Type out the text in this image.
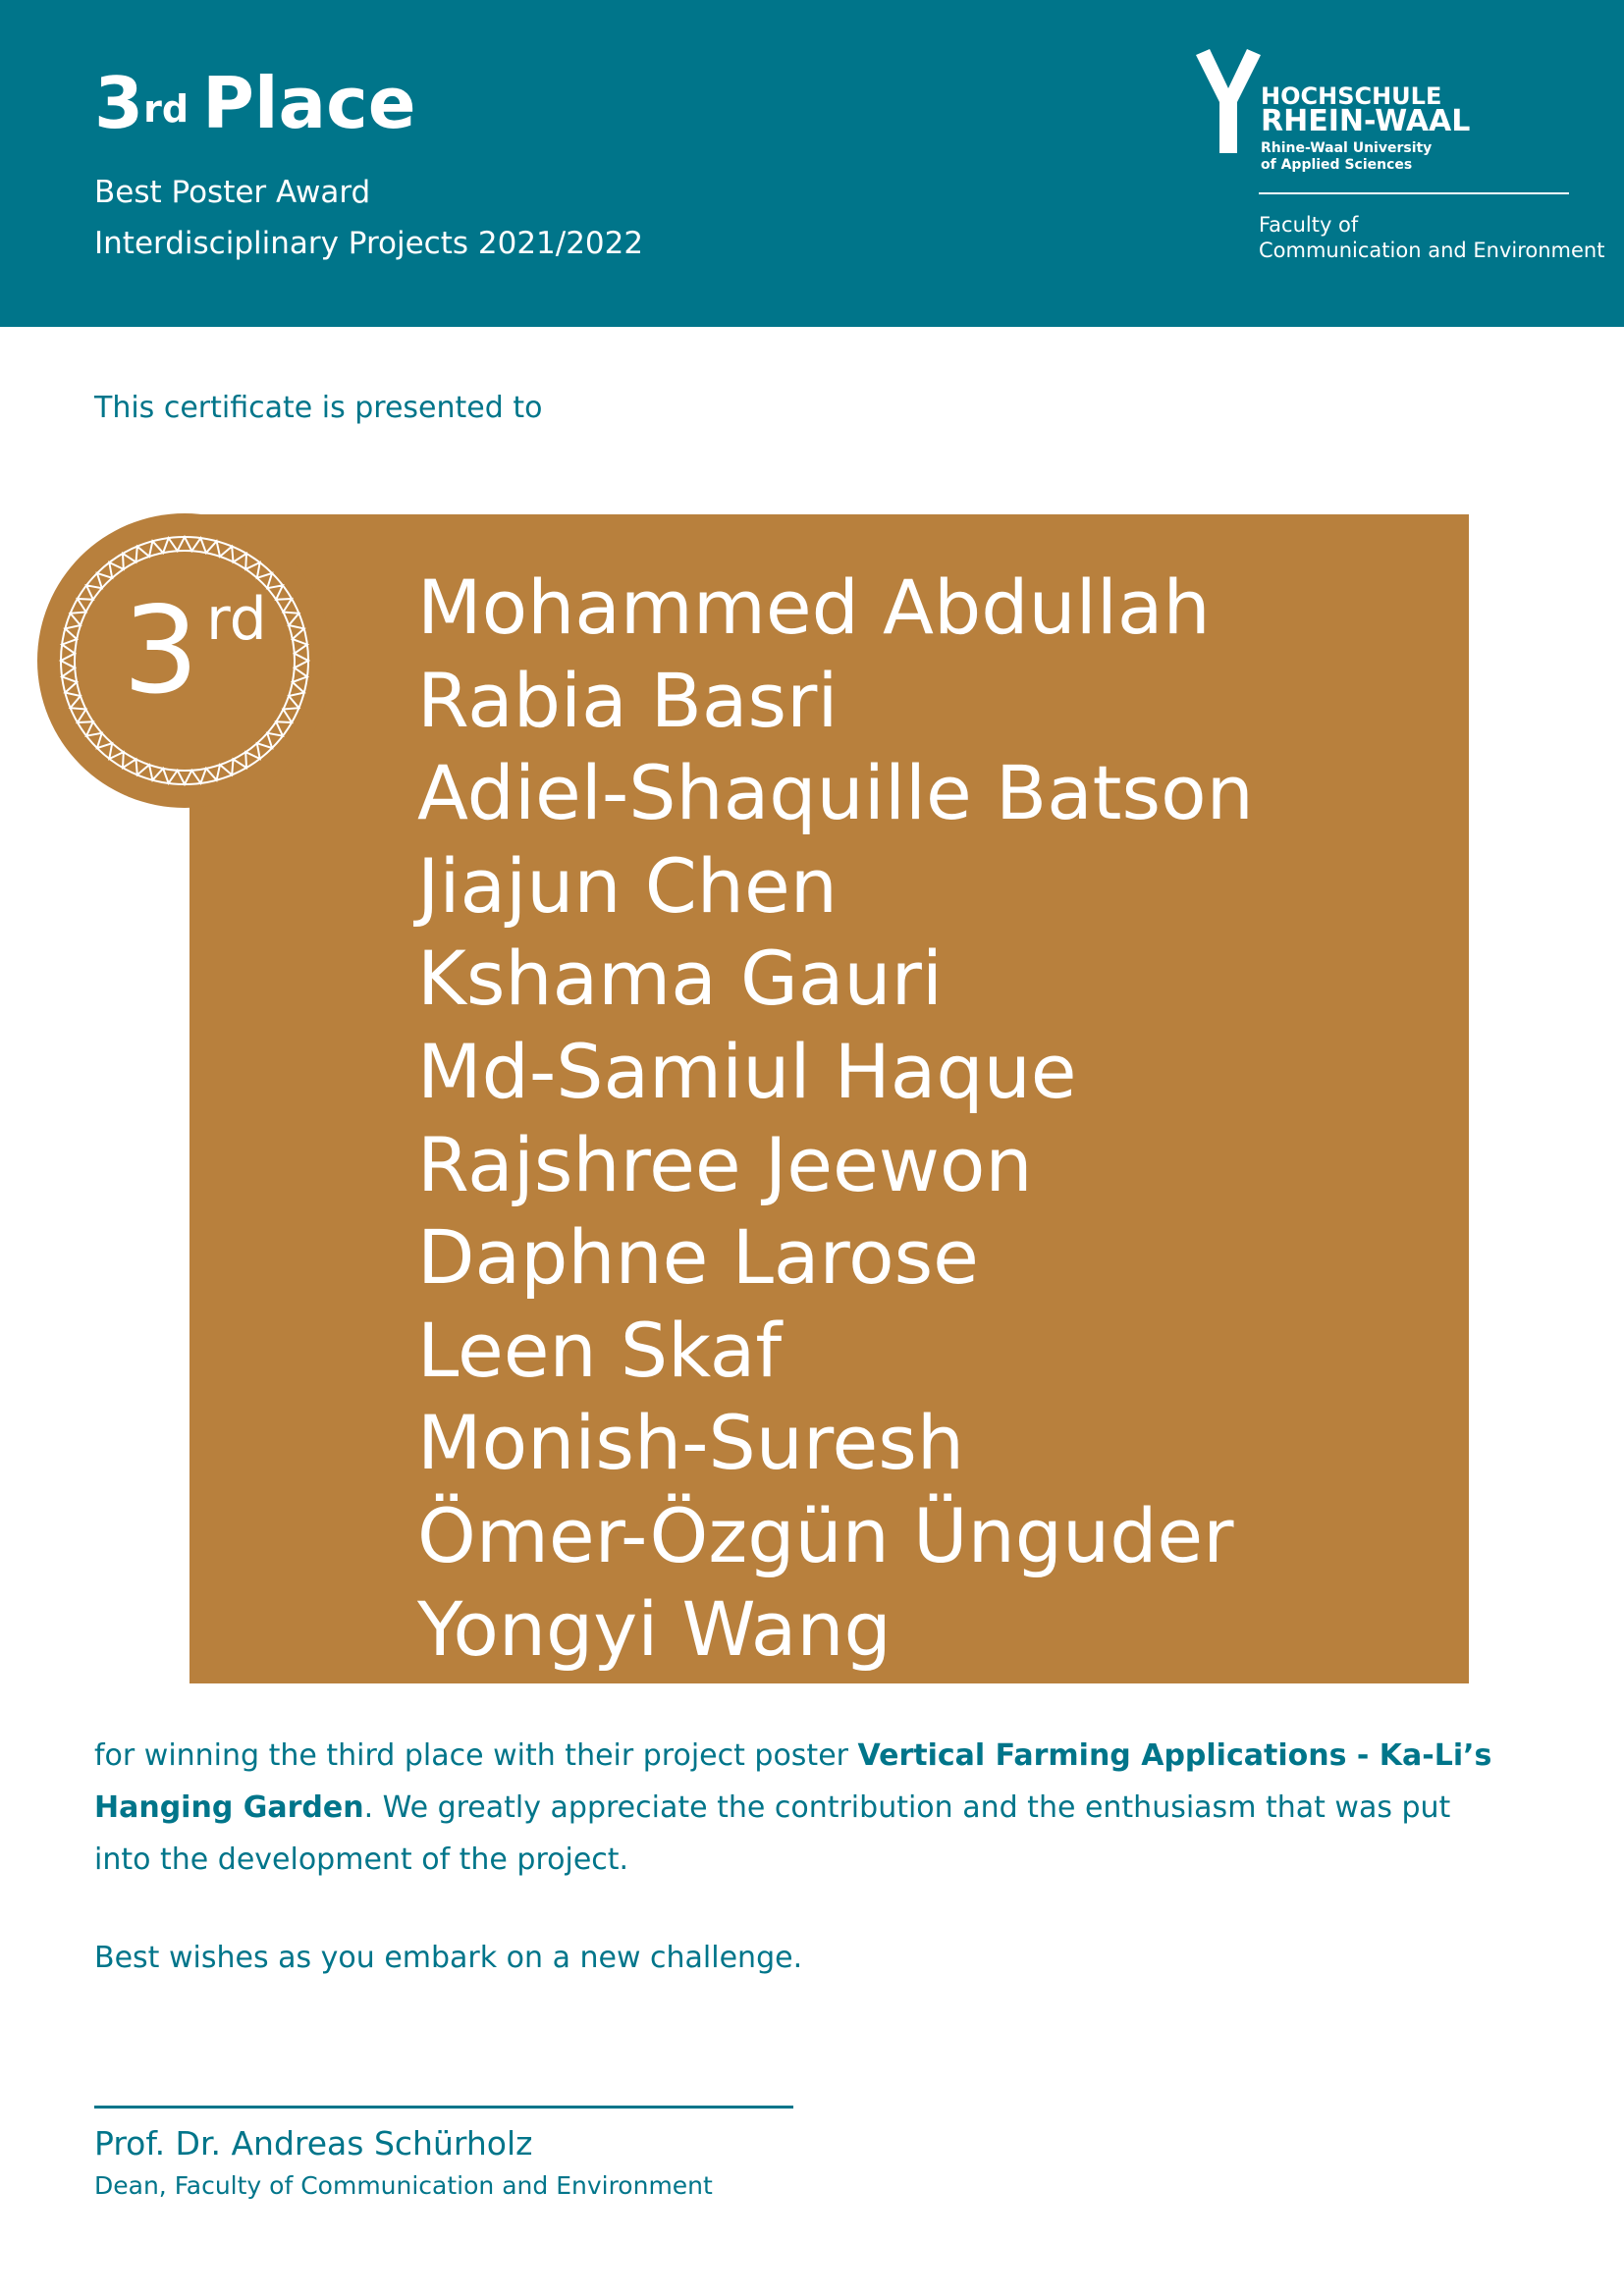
3rd Place
Best Poster Award
Interdisciplinary Projects 2021/2022
HOCHSCHULE
RHEIN-WAAL
Rhine-Waal University
of Applied Sciences
Faculty of
Communication and Environment
This certificate is presented to
3 rd Mohammed Abdullah
Rabia Basri
Adiel-Shaquille Batson
Jiajun Chen
Kshama Gauri
Md-Samiul Haque
Rajshree Jeewon
Daphne Larose
Leen Skaf
Monish-Suresh
Ömer-Özgün Ünguder
Yongyi Wang
for winning the third place with their project poster Vertical Farming Applications - Ka-Li’s Hanging Garden. We greatly appreciate the contribution and the enthusiasm that was put into the development of the project.
Best wishes as you embark on a new challenge.
Prof. Dr. Andreas Schürholz
Dean, Faculty of Communication and Environment
